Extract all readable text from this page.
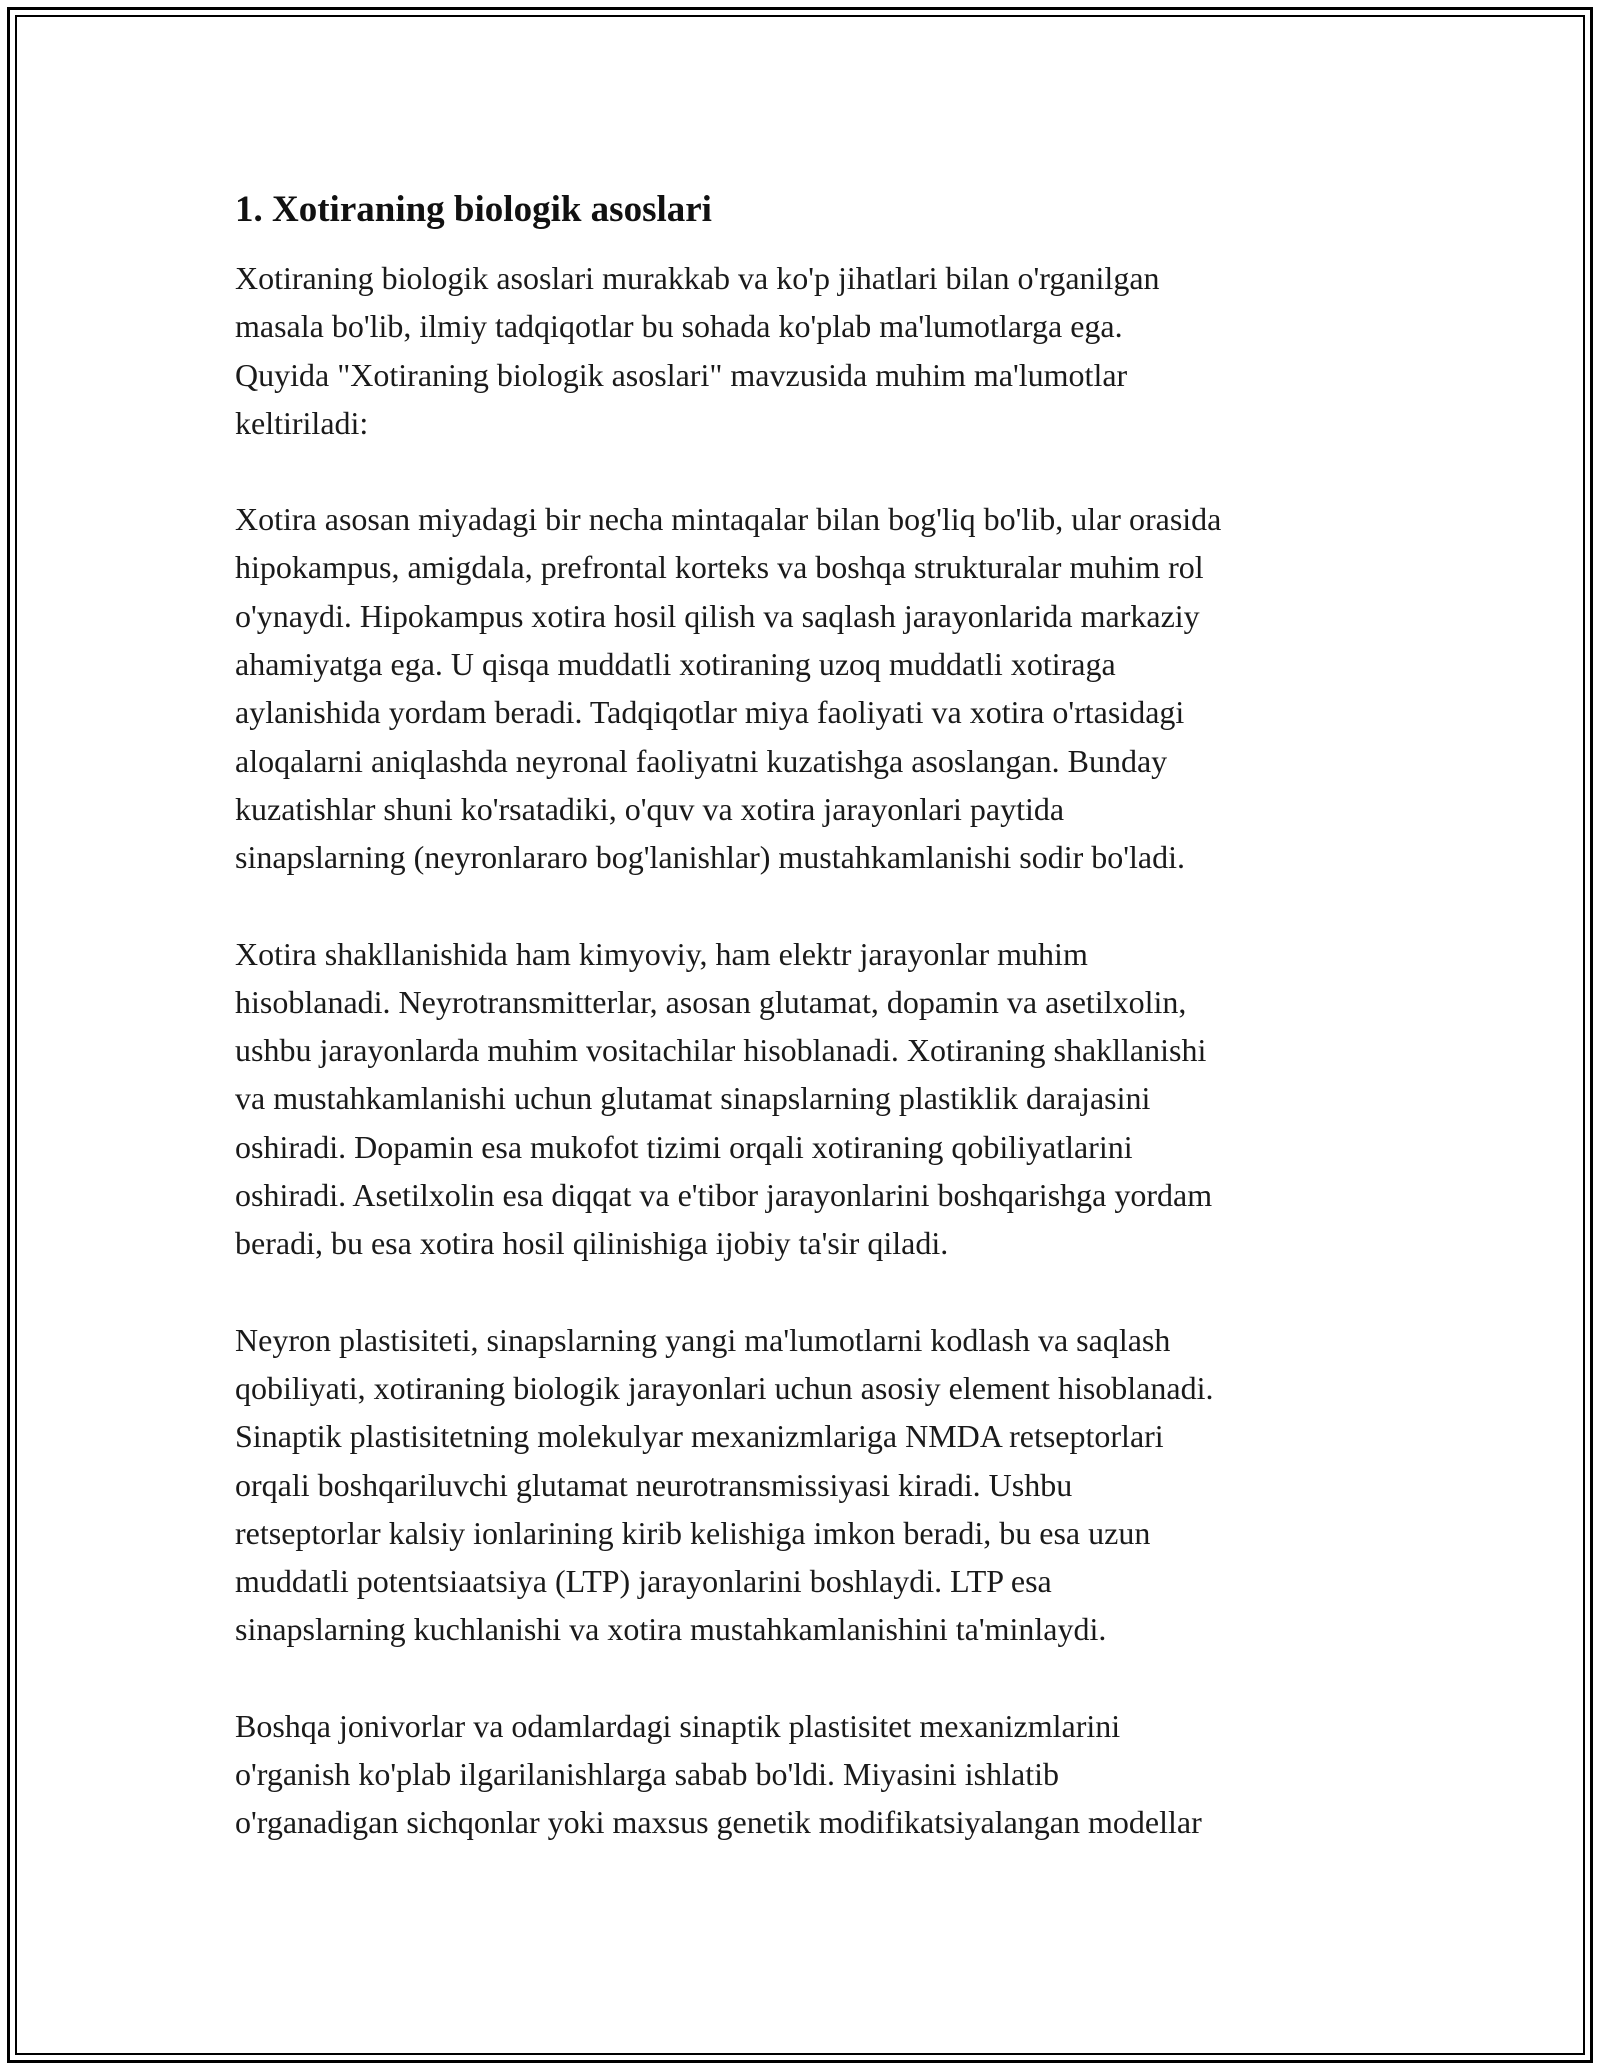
1. Xotiraning biologik asoslari

Xotiraning biologik asoslari murakkab va ko'p jihatlari bilan o'rganilgan
masala bo'lib, ilmiy tadqiqotlar bu sohada ko'plab ma'lumotlarga ega.
Quyida "Xotiraning biologik asoslari" mavzusida muhim ma'lumotlar
keltiriladi:

Xotira asosan miyadagi bir necha mintaqalar bilan bog'liq bo'lib, ular orasida
hipokampus, amigdala, prefrontal korteks va boshqa strukturalar muhim rol
o'ynaydi. Hipokampus xotira hosil qilish va saqlash jarayonlarida markaziy
ahamiyatga ega. U qisqa muddatli xotiraning uzoq muddatli xotiraga
aylanishida yordam beradi. Tadqiqotlar miya faoliyati va xotira o'rtasidagi
aloqalarni aniqlashda neyronal faoliyatni kuzatishga asoslangan. Bunday
kuzatishlar shuni ko'rsatadiki, o'quv va xotira jarayonlari paytida
sinapslarning (neyronlararo bog'lanishlar) mustahkamlanishi sodir bo'ladi.

Xotira shakllanishida ham kimyoviy, ham elektr jarayonlar muhim
hisoblanadi. Neyrotransmitterlar, asosan glutamat, dopamin va asetilxolin,
ushbu jarayonlarda muhim vositachilar hisoblanadi. Xotiraning shakllanishi
va mustahkamlanishi uchun glutamat sinapslarning plastiklik darajasini
oshiradi. Dopamin esa mukofot tizimi orqali xotiraning qobiliyatlarini
oshiradi. Asetilxolin esa diqqat va e'tibor jarayonlarini boshqarishga yordam
beradi, bu esa xotira hosil qilinishiga ijobiy ta'sir qiladi.

Neyron plastisiteti, sinapslarning yangi ma'lumotlarni kodlash va saqlash
qobiliyati, xotiraning biologik jarayonlari uchun asosiy element hisoblanadi.
Sinaptik plastisitetning molekulyar mexanizmlariga NMDA retseptorlari
orqali boshqariluvchi glutamat neurotransmissiyasi kiradi. Ushbu
retseptorlar kalsiy ionlarining kirib kelishiga imkon beradi, bu esa uzun
muddatli potentsiaatsiya (LTP) jarayonlarini boshlaydi. LTP esa
sinapslarning kuchlanishi va xotira mustahkamlanishini ta'minlaydi.

Boshqa jonivorlar va odamlardagi sinaptik plastisitet mexanizmlarini
o'rganish ko'plab ilgarilanishlarga sabab bo'ldi. Miyasini ishlatib
o'rganadigan sichqonlar yoki maxsus genetik modifikatsiyalangan modellar
